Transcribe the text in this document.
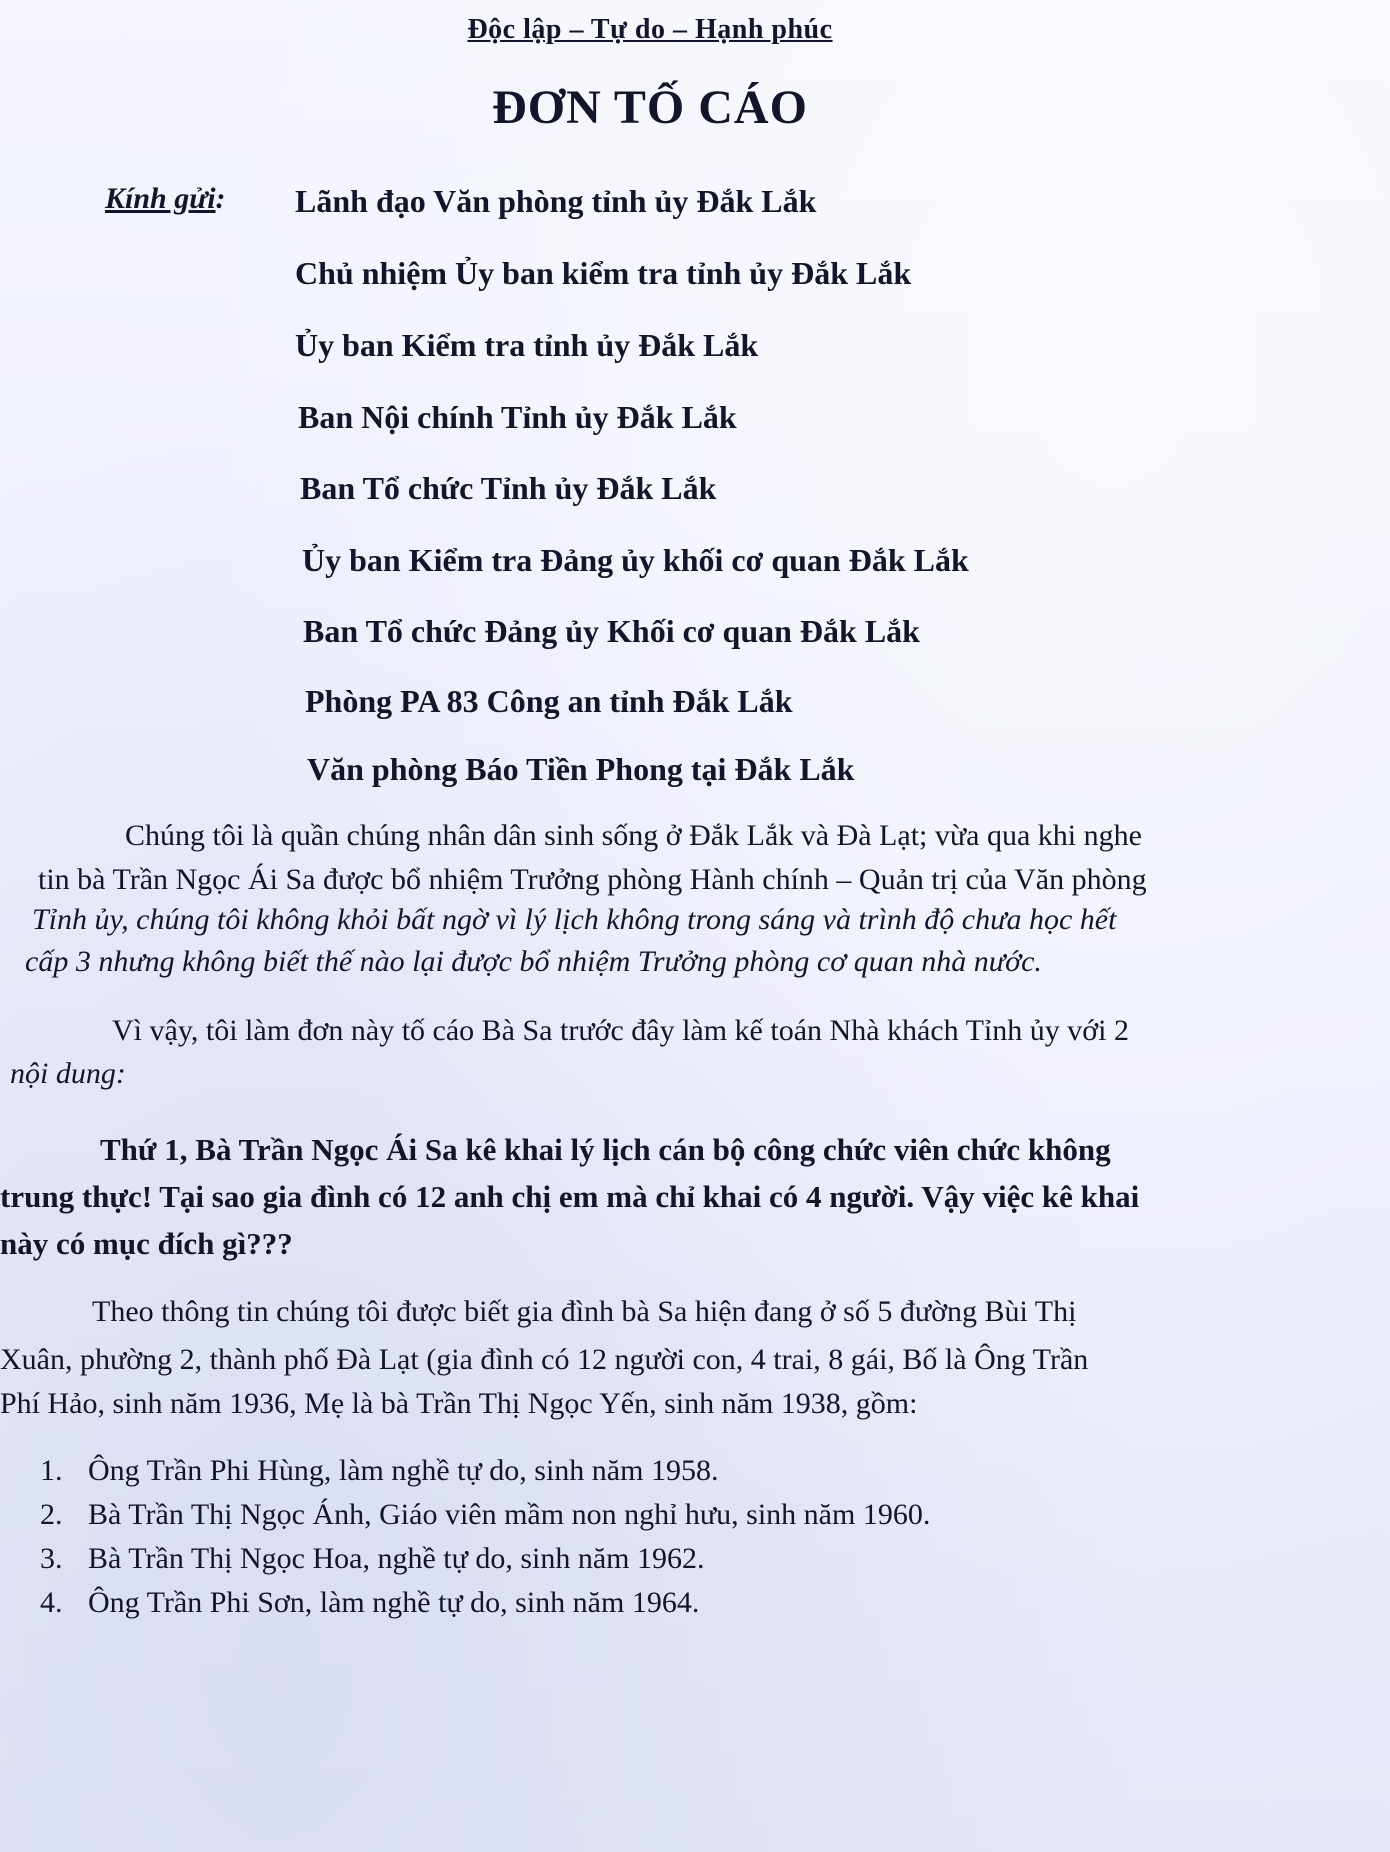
Độc lập – Tự do – Hạnh phúc
ĐƠN TỐ CÁO
Kính gửi: Lãnh đạo Văn phòng tỉnh ủy Đắk Lắk
Chủ nhiệm Ủy ban kiểm tra tỉnh ủy Đắk Lắk
Ủy ban Kiểm tra tỉnh ủy Đắk Lắk
Ban Nội chính Tỉnh ủy Đắk Lắk
Ban Tổ chức Tỉnh ủy Đắk Lắk
Ủy ban Kiểm tra Đảng ủy khối cơ quan Đắk Lắk
Ban Tổ chức Đảng ủy Khối cơ quan Đắk Lắk
Phòng PA 83 Công an tỉnh Đắk Lắk
Văn phòng Báo Tiền Phong tại Đắk Lắk
Chúng tôi là quần chúng nhân dân sinh sống ở Đắk Lắk và Đà Lạt; vừa qua khi nghe
tin bà Trần Ngọc Ái Sa được bổ nhiệm Trưởng phòng Hành chính – Quản trị của Văn phòng
Tỉnh ủy, chúng tôi không khỏi bất ngờ vì lý lịch không trong sáng và trình độ chưa học hết
cấp 3 nhưng không biết thế nào lại được bổ nhiệm Trưởng phòng cơ quan nhà nước.
Vì vậy, tôi làm đơn này tố cáo Bà Sa trước đây làm kế toán Nhà khách Tỉnh ủy với 2
nội dung:
Thứ 1, Bà Trần Ngọc Ái Sa kê khai lý lịch cán bộ công chức viên chức không
trung thực! Tại sao gia đình có 12 anh chị em mà chỉ khai có 4 người. Vậy việc kê khai
này có mục đích gì???
Theo thông tin chúng tôi được biết gia đình bà Sa hiện đang ở số 5 đường Bùi Thị
Xuân, phường 2, thành phố Đà Lạt (gia đình có 12 người con, 4 trai, 8 gái, Bố là Ông Trần
Phí Hảo, sinh năm 1936, Mẹ là bà Trần Thị Ngọc Yến, sinh năm 1938, gồm:
1. Ông Trần Phi Hùng, làm nghề tự do, sinh năm 1958.
2. Bà Trần Thị Ngọc Ánh, Giáo viên mầm non nghỉ hưu, sinh năm 1960.
3. Bà Trần Thị Ngọc Hoa, nghề tự do, sinh năm 1962.
4. Ông Trần Phi Sơn, làm nghề tự do, sinh năm 1964.
